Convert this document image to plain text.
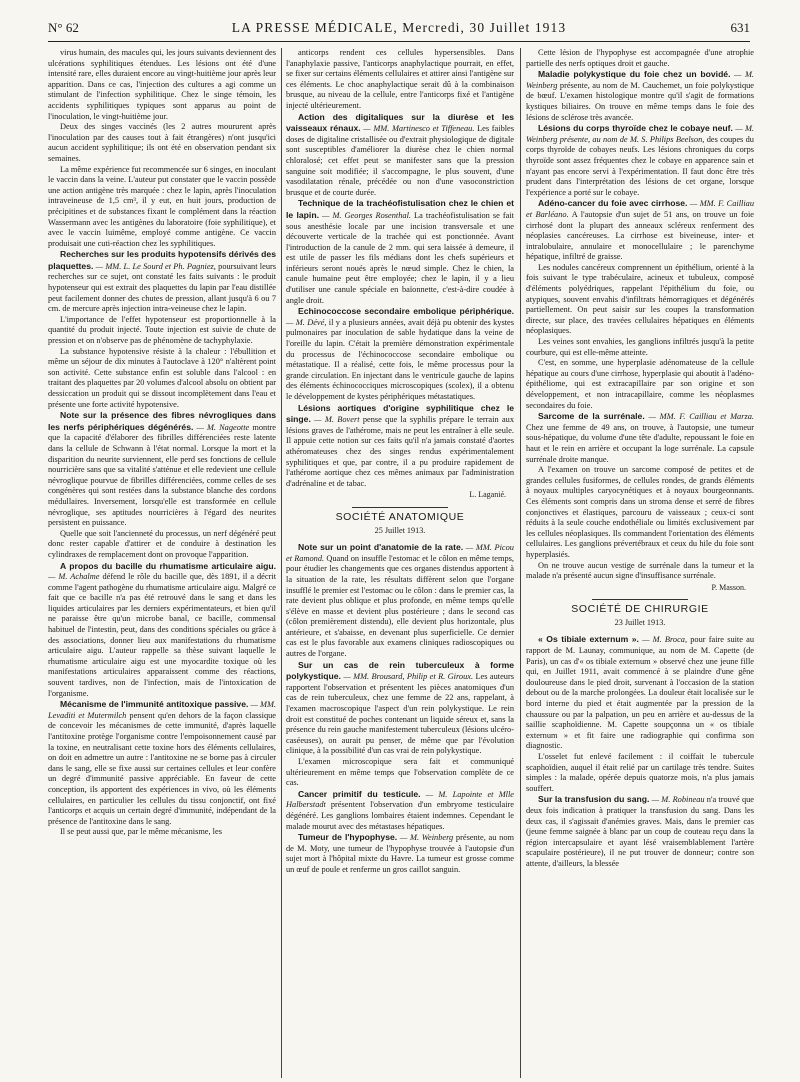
N° 62	LA PRESSE MÉDICALE, Mercredi, 30 Juillet 1913	631

virus humain, des macules qui, les jours suivants deviennent des ulcérations syphilitiques étendues. Les lésions ont été d'une intensité rare, elles duraient encore au vingt-huitième jour après leur apparition. Dans ce cas, l'injection des cultures a agi comme un stimulant de l'infection syphilitique. Chez le singe témoin, les accidents syphilitiques typiques sont apparus au point de l'inoculation, le vingt-huitième jour.

Deux des singes vaccinés (les 2 autres moururent après l'inoculation par des causes tout à fait étrangères) n'ont jusqu'ici aucun accident syphilitique; ils ont été en observation pendant six semaines.

La même expérience fut recommencée sur 6 singes, en inoculant le vaccin dans la veine. L'auteur put constater que le vaccin possède une action antigène très marquée : chez le lapin, après l'inoculation intraveineuse de 1,5 cm³, il y eut, en huit jours, production de précipitines et de substances fixant le complément dans la réaction Wassermann avec les antigènes du laboratoire (foie syphilitique), et avec le vaccin luimême, employé comme antigène. Ce vaccin produisait une cuti-réaction chez les syphilitiques.

Recherches sur les produits hypotensifs dérivés des plaquettes. — MM. L. Le Sourd et Ph. Pagniez, poursuivant leurs recherches sur ce sujet, ont constaté les faits suivants : le produit hypotenseur qui est extrait des plaquettes du lapin par l'eau distillée peut facilement donner des chutes de pression, allant jusqu'à 6 ou 7 cm. de mercure après injection intra-veineuse chez le lapin.

L'importance de l'effet hypotenseur est proportionnelle à la quantité du produit injecté. Toute injection est suivie de chute de pression et on n'observe pas de phénomène de tachyphylaxie.

La substance hypotensive résiste à la chaleur : l'ébullition et même un séjour de dix minutes à l'autoclave à 120° n'altèrent point son activité. Cette substance enfin est soluble dans l'alcool : en traitant des plaquettes par 20 volumes d'alcool absolu on obtient par dessiccation un produit qui se dissout incomplètement dans l'eau et présente une forte activité hypotensive.

Note sur la présence des fibres névrogliques dans les nerfs périphériques dégénérés. — M. Nageotte montre que la capacité d'élaborer des fibrilles différenciées reste latente dans la cellule de Schwann à l'état normal. Lorsque la mort et la disparition du neurite surviennent, elle perd ses fonctions de cellule nourricière sans que sa vitalité s'atténue et elle redevient une cellule névroglique pourvue de fibrilles différenciées, comme celles de ses congénères qui sont restées dans la substance blanche des cordons médullaires. Inversement, lorsqu'elle est transformée en cellule névroglique, ses aptitudes nourricières à l'égard des neurites persistent en puissance.

Quelle que soit l'ancienneté du processus, un nerf dégénéré peut donc rester capable d'attirer et de conduire à destination les cylindraxes de remplacement dont on provoque l'apparition.

A propos du bacille du rhumatisme articulaire aigu. — M. Achalme défend le rôle du bacille que, dès 1891, il a décrit comme l'agent pathogène du rhumatisme articulaire aigu. Malgré ce fait que ce bacille n'a pas été retrouvé dans le sang et dans les liquides articulaires par les derniers expérimentateurs, et bien qu'il ne paraisse être qu'un microbe banal, ce bacille, commensal habituel de l'intestin, peut, dans des conditions spéciales ou grâce à des associations, donner lieu aux manifestations du rhumatisme articulaire aigu. L'auteur rappelle sa thèse suivant laquelle le rhumatisme articulaire aigu est une myocardite toxique où les manifestations articulaires apparaissent comme des réactions, souvent tardives, non de l'infection, mais de l'intoxication de l'organisme.

Mécanisme de l'immunité antitoxique passive. — MM. Levaditi et Mutermilch pensent qu'en dehors de la façon classique de concevoir les mécanismes de cette immunité, d'après laquelle l'antitoxine protège l'organisme contre l'empoisonnement causé par la toxine, en neutralisant cette toxine hors des éléments cellulaires, on doit en admettre un autre : l'antitoxine ne se borne pas à circuler dans le sang, elle se fixe aussi sur certaines cellules et leur confère un degré d'immunité passive appréciable. En faveur de cette conception, ils apportent des expériences in vivo, où les éléments cellulaires, en particulier les cellules du tissu conjonctif, ont fixé l'anticorps et acquis un certain degré d'immunité, indépendant de la présence de l'antitoxine dans le sang.

Il se peut aussi que, par le même mécanisme, les

anticorps rendent ces cellules hypersensibles. Dans l'anaphylaxie passive, l'anticorps anaphylactique pourrait, en effet, se fixer sur certains éléments cellulaires et attirer ainsi l'antigène sur ces éléments. Le choc anaphylactique serait dû à la combinaison brusque, au niveau de la cellule, entre l'anticorps fixé et l'antigène injecté ultérieurement.

Action des digitaliques sur la diurèse et les vaisseaux rénaux. — MM. Martinesco et Tiffeneau. Les faibles doses de digitaline cristallisée ou d'extrait physiologique de digitale sont susceptibles d'améliorer la diurèse chez le chien normal chloralosé; cet effet peut se manifester sans que la pression sanguine soit modifiée; il s'accompagne, le plus souvent, d'une vasodilatation rénale, précédée ou non d'une vasoconstriction brusque et de courte durée.

Technique de la trachéofistulisation chez le chien et le lapin. — M. Georges Rosenthal. La trachéofistulisation se fait sous anesthésie locale par une incision transversale et une découverte verticale de la trachée qui est ponctionnée. Avant l'introduction de la canule de 2 mm. qui sera laissée à demeure, il est utile de passer les fils médians dont les chefs supérieurs et inférieurs seront noués après le nœud simple. Chez le chien, la canule humaine peut être employée; chez le lapin, il y a lieu d'utiliser une canule spéciale en baïonnette, c'est-à-dire coudée à angle droit.

Echinococcose secondaire embolique périphérique. — M. Dévé, il y a plusieurs années, avait déjà pu obtenir des kystes pulmonaires par inoculation de sable hydatique dans la veine de l'oreille du lapin. C'était la première démonstration expérimentale du processus de l'échinococcose secondaire embolique ou métastatique. Il a réalisé, cette fois, le même processus pour la grande circulation. En injectant dans le ventricule gauche de lapins des éléments échinococciques microscopiques (scolex), il a obtenu le développement de kystes périphériques métastatiques.

Lésions aortiques d'origine syphilitique chez le singe. — M. Bovert pense que la syphilis prépare le terrain aux lésions graves de l'athérome, mais ne peut les entraîner à elle seule. Il appuie cette notion sur ces faits qu'il n'a jamais constaté d'aortes athéromateuses chez des singes rendus expérimentalement syphilitiques et que, par contre, il a pu produire rapidement de l'athérome aortique chez ces mêmes animaux par l'administration d'adrénaline et de tabac.

L. Laganié.
SOCIÉTÉ ANATOMIQUE
25 Juillet 1913.

Note sur un point d'anatomie de la rate. — MM. Picou et Ramond. Quand on insuffle l'estomac et le côlon en même temps, pour étudier les changements que ces organes distendus apportent à la situation de la rate, les résultats diffèrent selon que l'organe insufflé le premier est l'estomac ou le côlon : dans le premier cas, la rate devient plus oblique et plus profonde, en même temps qu'elle s'élève en masse et devient plus postérieure ; dans le second cas (côlon premièrement distendu), elle devient plus horizontale, plus antérieure, et s'abaisse, en devenant plus superficielle. Ce dernier cas est le plus favorable aux examens cliniques radioscopiques ou autres de l'organe.

Sur un cas de rein tuberculeux à forme polykystique. — MM. Brousard, Philip et R. Giroux. Les auteurs rapportent l'observation et présentent les pièces anatomiques d'un cas de rein tuberculeux, chez une femme de 22 ans, rappelant, à l'examen macroscopique l'aspect d'un rein polykystique. Le rein droit est constitué de poches contenant un liquide séreux et, sans la présence du rein gauche manifestement tuberculeux (lésions ulcéro-caséeuses), on aurait pu penser, de même que par l'évolution clinique, à la possibilité d'un cas vrai de rein polykystique.

L'examen microscopique sera fait et communiqué ultérieurement en même temps que l'observation complète de ce cas.

Cancer primitif du testicule. — M. Lapointe et Mlle Halberstadt présentent l'observation d'un embryome testiculaire dégénéré. Les ganglions lombaires étaient indemnes. Cependant le malade mourut avec des métastases hépatiques.

Tumeur de l'hypophyse. — M. Weinberg présente, au nom de M. Moty, une tumeur de l'hypophyse trouvée à l'autopsie d'un sujet mort à l'hôpital mixte du Havre. La tumeur est grosse comme un œuf de poule et renferme un gros caillot sanguin.

Cette lésion de l'hypophyse est accompagnée d'une atrophie partielle des nerfs optiques droit et gauche.

Maladie polykystique du foie chez un bovidé. — M. Weinberg présente, au nom de M. Cauchemet, un foie polykystique de bœuf. L'examen histologique montre qu'il s'agit de formations kystiques biliaires. On trouve en même temps dans le foie des lésions de sclérose très avancée.

Lésions du corps thyroïde chez le cobaye neuf. — M. Weinberg présente, au nom de M. S. Philips Beelson, des coupes du corps thyroïde de cobayes neufs. Les lésions chroniques du corps thyroïde sont assez fréquentes chez le cobaye en apparence sain et n'ayant pas encore servi à l'expérimentation. Il faut donc être très prudent dans l'interprétation des lésions de cet organe, lorsque l'expérience a porté sur le cobaye.

Adéno-cancer du foie avec cirrhose. — MM. F. Cailliau et Barléano. A l'autopsie d'un sujet de 51 ans, on trouve un foie cirrhosé dont la plupart des anneaux scléreux renferment des néoplasies cancéreuses. La cirrhose est biveineuse, inter- et intralobulaire, annulaire et monocellulaire ; le parenchyme hépatique, infiltré de graisse.

Les nodules cancéreux comprennent un épithélium, orienté à la fois suivant le type trabéculaire, acineux et tubuleux, composé d'éléments polyédriques, rappelant l'épithélium du foie, ou atypiques, souvent envahis d'infiltrats hémorragiques et dégénérés partiellement. On peut saisir sur les coupes la transformation directe, sur place, des travées cellulaires hépatiques en éléments néoplasiques.

Les veines sont envahies, les ganglions infiltrés jusqu'à la petite courbure, qui est elle-même atteinte.

C'est, en somme, une hyperplasie adénomateuse de la cellule hépatique au cours d'une cirrhose, hyperplasie qui aboutit à l'adéno-épithéliome, qui est extracapillaire par son origine et son développement, et non intracapillaire, comme les néoplasmes secondaires du foie.

Sarcome de la surrénale. — MM. F. Cailliau et Marza. Chez une femme de 49 ans, on trouve, à l'autopsie, une tumeur sous-hépatique, du volume d'une tête d'adulte, repoussant le foie en haut et le rein en arrière et occupant la loge surrénale. La capsule surrénale droite manque.

A l'examen on trouve un sarcome composé de petites et de grandes cellules fusiformes, de cellules rondes, de grands éléments à noyaux multiples caryocynétiques et à noyaux bourgeonnants. Ces éléments sont compris dans un stroma dense et serré de fibres conjonctives et élastiques, parcouru de vaisseaux ; ceux-ci sont réduits à la seule couche endothéliale ou limités exclusivement par les cellules néoplasiques. Ils commandent l'orientation des éléments cellulaires. Les ganglions prévertébraux et ceux du hile du foie sont hyperplasiés.

On ne trouve aucun vestige de surrénale dans la tumeur et la malade n'a présenté aucun signe d'insuffisance surrénale.

P. Masson.
SOCIÉTÉ DE CHIRURGIE
23 Juillet 1913.

« Os tibiale externum ». — M. Broca, pour faire suite au rapport de M. Launay, communique, au nom de M. Capette (de Paris), un cas d'« os tibiale externum » observé chez une jeune fille qui, en Juillet 1911, avait commencé à se plaindre d'une gêne douloureuse dans le pied droit, survenant à l'occasion de la station debout ou de la marche prolongées. La douleur était localisée sur le bord interne du pied et était augmentée par la pression de la chaussure ou par la palpation, un peu en arrière et au-dessus de la saillie scaphoïdienne. M. Capette soupçonna un « os tibiale externum » et fit faire une radiographie qui confirma son diagnostic.

L'osselet fut enlevé facilement : il coiffait le tubercule scaphoïdien, auquel il était relié par un cartilage très tendre. Suites simples : la malade, opérée depuis quatorze mois, n'a plus jamais souffert.

Sur la transfusion du sang. — M. Robineau n'a trouvé que deux fois indication à pratiquer la transfusion du sang. Dans les deux cas, il s'agissait d'anémies graves. Mais, dans le premier cas (jeune femme saignée à blanc par un coup de couteau reçu dans la région intercapsulaire et ayant lésé vraisemblablement l'artère scapulaire postérieure), il ne put trouver de donneur; contre son attente, d'ailleurs, la blessée
